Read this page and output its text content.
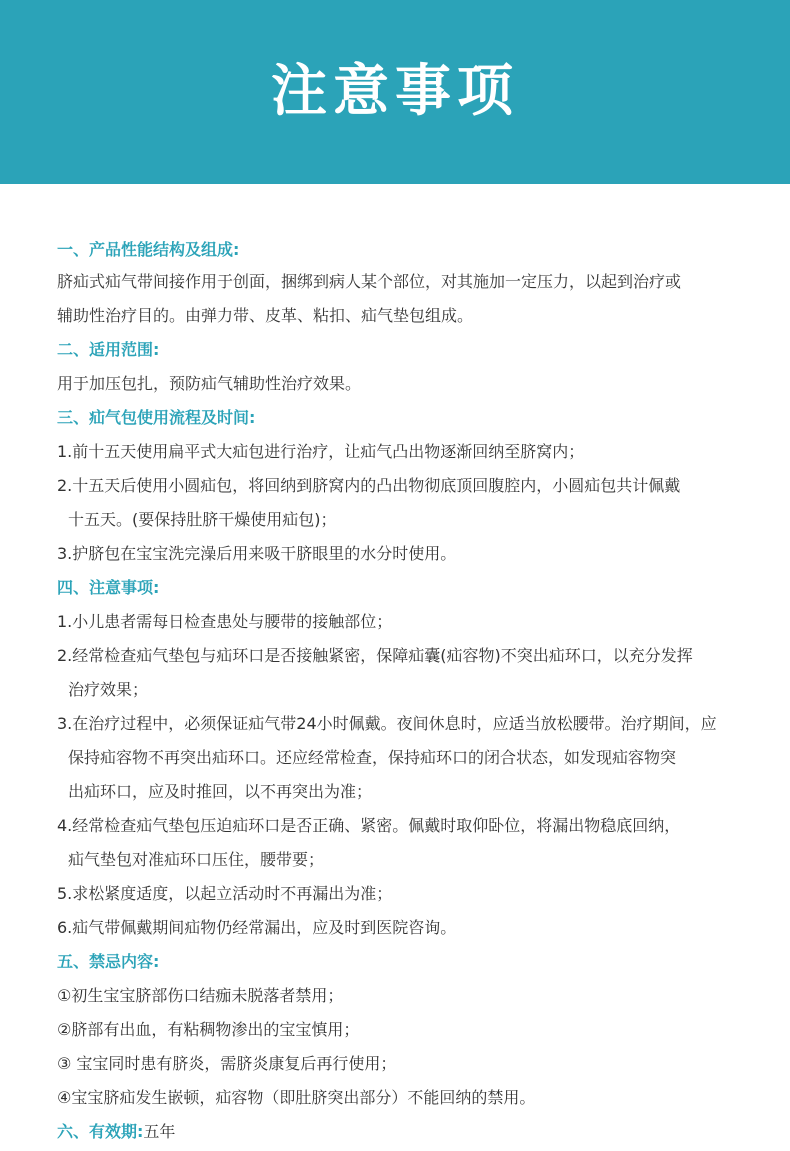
注意事项
一、产品性能结构及组成:
脐疝式疝气带间接作用于创面，捆绑到病人某个部位，对其施加一定压力，以起到治疗或
辅助性治疗目的。由弹力带、皮革、粘扣、疝气垫包组成。
二、适用范围:
用于加压包扎，预防疝气辅助性治疗效果。
三、疝气包使用流程及时间:
1.前十五天使用扁平式大疝包进行治疗，让疝气凸出物逐渐回纳至脐窝内；
2.十五天后使用小圆疝包，将回纳到脐窝内的凸出物彻底顶回腹腔内，小圆疝包共计佩戴
十五天。(要保持肚脐干燥使用疝包)；
3.护脐包在宝宝洗完澡后用来吸干脐眼里的水分时使用。
四、注意事项:
1.小儿患者需每日检查患处与腰带的接触部位；
2.经常检查疝气垫包与疝环口是否接触紧密，保障疝囊(疝容物)不突出疝环口，以充分发挥
治疗效果；
3.在治疗过程中，必须保证疝气带24小时佩戴。夜间休息时，应适当放松腰带。治疗期间，应
保持疝容物不再突出疝环口。还应经常检查，保持疝环口的闭合状态，如发现疝容物突
出疝环口，应及时推回，以不再突出为准；
4.经常检查疝气垫包压迫疝环口是否正确、紧密。佩戴时取仰卧位，将漏出物稳底回纳，
疝气垫包对准疝环口压住，腰带要；
5.求松紧度适度，以起立活动时不再漏出为准；
6.疝气带佩戴期间疝物仍经常漏出，应及时到医院咨询。
五、禁忌内容:
①初生宝宝脐部伤口结痂未脱落者禁用；
②脐部有出血，有粘稠物渗出的宝宝慎用；
③ 宝宝同时患有脐炎，需脐炎康复后再行使用；
④宝宝脐疝发生嵌顿，疝容物（即肚脐突出部分）不能回纳的禁用。
六、有效期:五年
